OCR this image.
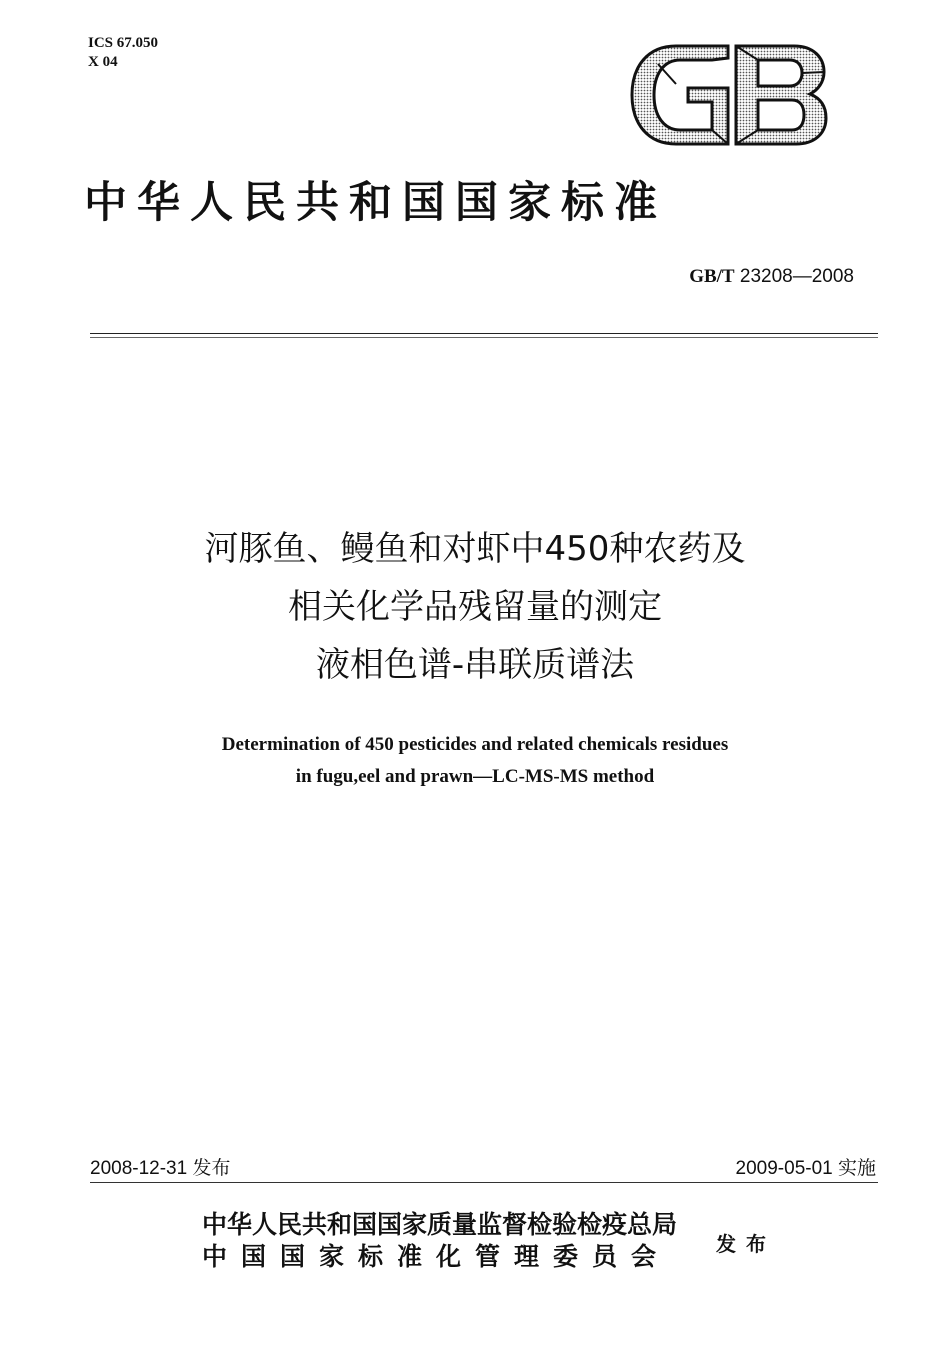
ICS 67.050
X 04
中华人民共和国国家标准
GB/T 23208—2008
河豚鱼、鳗鱼和对虾中450种农药及
相关化学品残留量的测定
液相色谱-串联质谱法
Determination of 450 pesticides and related chemicals residues
in fugu,eel and prawn—LC-MS-MS method
2008-12-31 发布	2009-05-01 实施
中华人民共和国国家质量监督检验检疫总局
中国国家标准化管理委员会	发布
